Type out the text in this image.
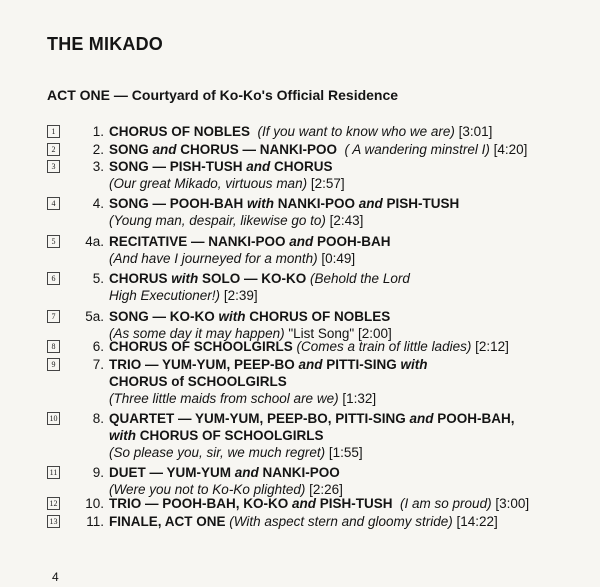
THE MIKADO
ACT ONE — Courtyard of Ko-Ko's Official Residence
1	1. CHORUS OF NOBLES  (If you want to know who we are) [3:01]
2	2. SONG and CHORUS — NANKI-POO  ( A wandering minstrel I) [4:20]
3	3. SONG — PISH-TUSH and CHORUS
(Our great Mikado, virtuous man) [2:57]
4	4. SONG — POOH-BAH with NANKI-POO and PISH-TUSH
(Young man, despair, likewise go to) [2:43]
5	4a. RECITATIVE — NANKI-POO and POOH-BAH
(And have I journeyed for a month) [0:49]
6	5. CHORUS with SOLO — KO-KO (Behold the Lord
High Executioner!) [2:39]
7	5a. SONG — KO-KO with CHORUS OF NOBLES
(As some day it may happen) "List Song" [2:00]
8	6. CHORUS OF SCHOOLGIRLS (Comes a train of little ladies) [2:12]
9	7. TRIO — YUM-YUM, PEEP-BO and PITTI-SING with
CHORUS of SCHOOLGIRLS
(Three little maids from school are we) [1:32]
10	8. QUARTET — YUM-YUM, PEEP-BO, PITTI-SING and POOH-BAH,
with CHORUS OF SCHOOLGIRLS
(So please you, sir, we much regret) [1:55]
11	9. DUET — YUM-YUM and NANKI-POO
(Were you not to Ko-Ko plighted) [2:26]
12	10. TRIO — POOH-BAH, KO-KO and PISH-TUSH  (I am so proud) [3:00]
13	11. FINALE, ACT ONE (With aspect stern and gloomy stride) [14:22]
4
